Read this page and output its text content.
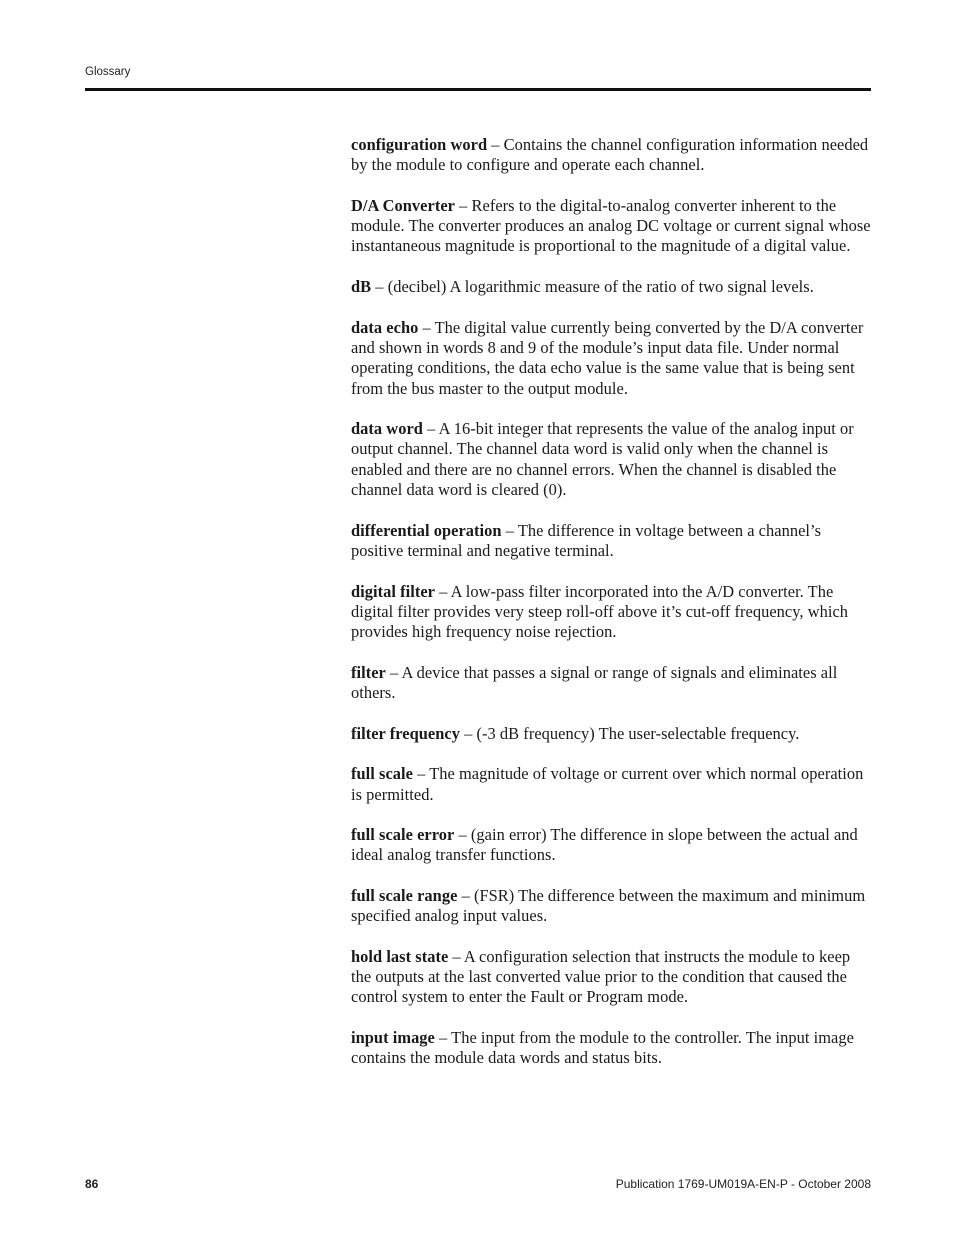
Glossary

configuration word – Contains the channel configuration information needed by the module to configure and operate each channel.

D/A Converter – Refers to the digital-to-analog converter inherent to the module. The converter produces an analog DC voltage or current signal whose instantaneous magnitude is proportional to the magnitude of a digital value.

dB – (decibel) A logarithmic measure of the ratio of two signal levels.

data echo – The digital value currently being converted by the D/A converter and shown in words 8 and 9 of the module’s input data file. Under normal operating conditions, the data echo value is the same value that is being sent from the bus master to the output module.

data word – A 16-bit integer that represents the value of the analog input or output channel. The channel data word is valid only when the channel is enabled and there are no channel errors. When the channel is disabled the channel data word is cleared (0).

differential operation – The difference in voltage between a channel’s positive terminal and negative terminal.

digital filter – A low-pass filter incorporated into the A/D converter. The digital filter provides very steep roll-off above it’s cut-off frequency, which provides high frequency noise rejection.

filter – A device that passes a signal or range of signals and eliminates all others.

filter frequency – (-3 dB frequency) The user-selectable frequency.

full scale – The magnitude of voltage or current over which normal operation is permitted.

full scale error – (gain error) The difference in slope between the actual and ideal analog transfer functions.

full scale range – (FSR) The difference between the maximum and minimum specified analog input values.

hold last state – A configuration selection that instructs the module to keep the outputs at the last converted value prior to the condition that caused the control system to enter the Fault or Program mode.

input image – The input from the module to the controller. The input image contains the module data words and status bits.

86	Publication 1769-UM019A-EN-P - October 2008
